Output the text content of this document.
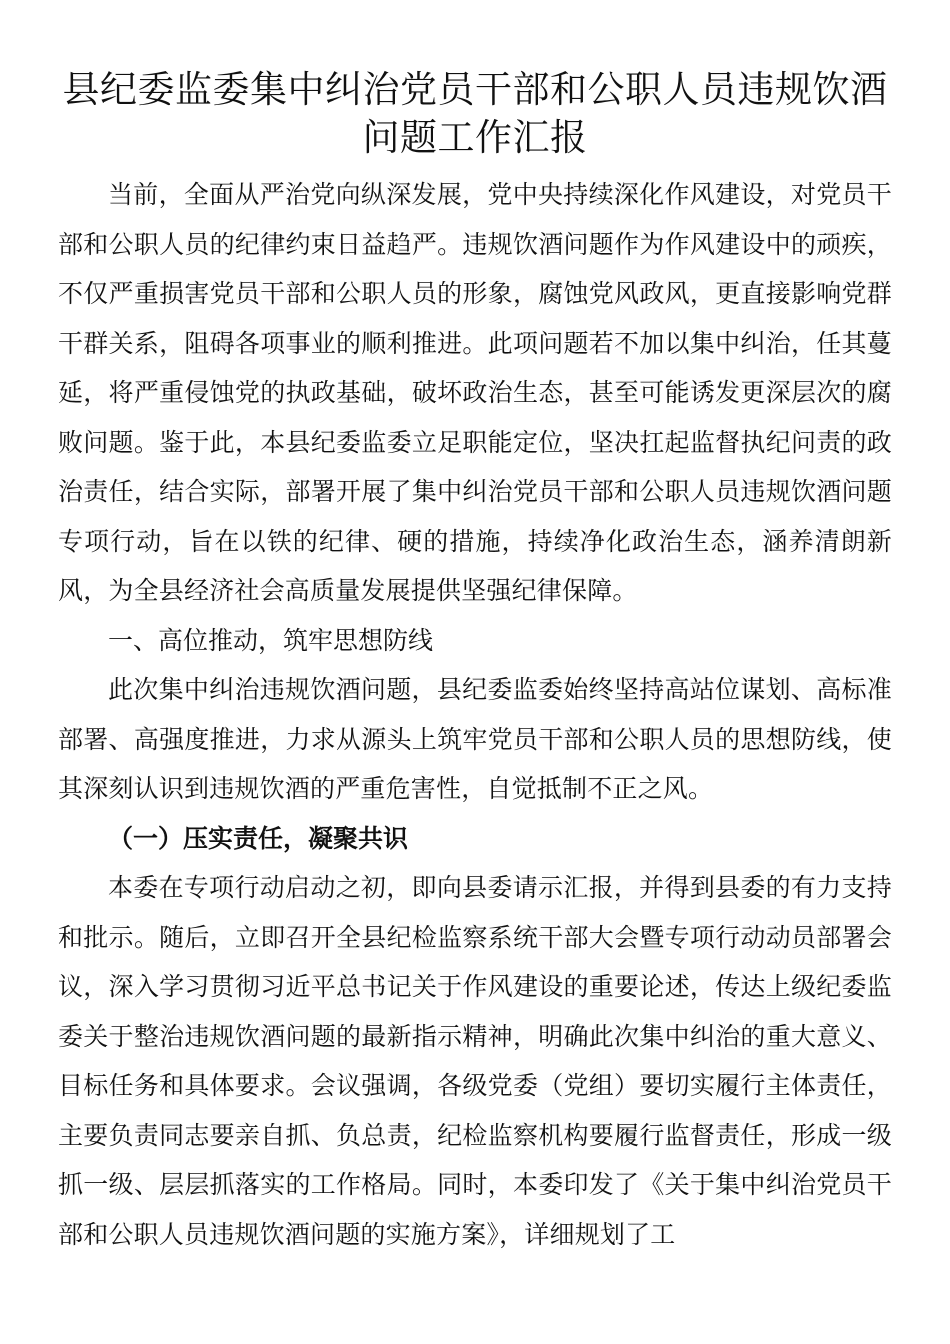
县纪委监委集中纠治党员干部和公职人员违规饮酒问题工作汇报

当前，全面从严治党向纵深发展，党中央持续深化作风建设，对党员干部和公职人员的纪律约束日益趋严。违规饮酒问题作为作风建设中的顽疾，不仅严重损害党员干部和公职人员的形象，腐蚀党风政风，更直接影响党群干群关系，阻碍各项事业的顺利推进。此项问题若不加以集中纠治，任其蔓延，将严重侵蚀党的执政基础，破坏政治生态，甚至可能诱发更深层次的腐败问题。鉴于此，本县纪委监委立足职能定位，坚决扛起监督执纪问责的政治责任，结合实际，部署开展了集中纠治党员干部和公职人员违规饮酒问题专项行动，旨在以铁的纪律、硬的措施，持续净化政治生态，涵养清朗新风，为全县经济社会高质量发展提供坚强纪律保障。

一、高位推动，筑牢思想防线

此次集中纠治违规饮酒问题，县纪委监委始终坚持高站位谋划、高标准部署、高强度推进，力求从源头上筑牢党员干部和公职人员的思想防线，使其深刻认识到违规饮酒的严重危害性，自觉抵制不正之风。

（一）压实责任，凝聚共识

本委在专项行动启动之初，即向县委请示汇报，并得到县委的有力支持和批示。随后，立即召开全县纪检监察系统干部大会暨专项行动动员部署会议，深入学习贯彻习近平总书记关于作风建设的重要论述，传达上级纪委监委关于整治违规饮酒问题的最新指示精神，明确此次集中纠治的重大意义、目标任务和具体要求。会议强调，各级党委（党组）要切实履行主体责任，主要负责同志要亲自抓、负总责，纪检监察机构要履行监督责任，形成一级抓一级、层层抓落实的工作格局。同时，本委印发了《关于集中纠治党员干部和公职人员违规饮酒问题的实施方案》，详细规划了工
